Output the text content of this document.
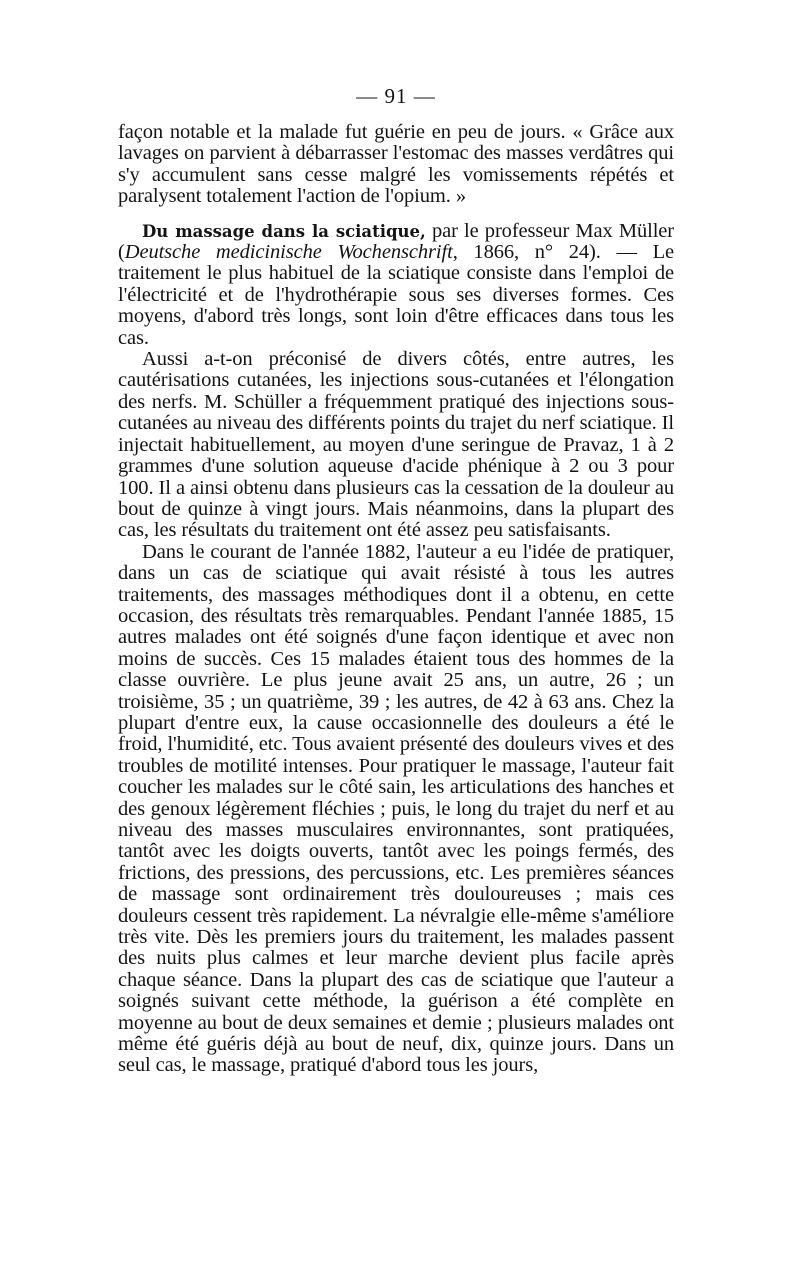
— 91 —

façon notable et la malade fut guérie en peu de jours. « Grâce aux lavages on parvient à débarrasser l'estomac des masses verdâtres qui s'y accumulent sans cesse malgré les vomissements répétés et paralysent totalement l'action de l'opium. »

Du massage dans la sciatique, par le professeur Max Müller (Deutsche medicinische Wochenschrift, 1866, n° 24). — Le traitement le plus habituel de la sciatique consiste dans l'emploi de l'électricité et de l'hydrothérapie sous ses diverses formes. Ces moyens, d'abord très longs, sont loin d'être efficaces dans tous les cas.

Aussi a-t-on préconisé de divers côtés, entre autres, les cautérisations cutanées, les injections sous-cutanées et l'élongation des nerfs. M. Schüller a fréquemment pratiqué des injections sous-cutanées au niveau des différents points du trajet du nerf sciatique. Il injectait habituellement, au moyen d'une seringue de Pravaz, 1 à 2 grammes d'une solution aqueuse d'acide phénique à 2 ou 3 pour 100. Il a ainsi obtenu dans plusieurs cas la cessation de la douleur au bout de quinze à vingt jours. Mais néanmoins, dans la plupart des cas, les résultats du traitement ont été assez peu satisfaisants.

Dans le courant de l'année 1882, l'auteur a eu l'idée de pratiquer, dans un cas de sciatique qui avait résisté à tous les autres traitements, des massages méthodiques dont il a obtenu, en cette occasion, des résultats très remarquables. Pendant l'année 1885, 15 autres malades ont été soignés d'une façon identique et avec non moins de succès. Ces 15 malades étaient tous des hommes de la classe ouvrière. Le plus jeune avait 25 ans, un autre, 26 ; un troisième, 35 ; un quatrième, 39 ; les autres, de 42 à 63 ans. Chez la plupart d'entre eux, la cause occasionnelle des douleurs a été le froid, l'humidité, etc. Tous avaient présenté des douleurs vives et des troubles de motilité intenses. Pour pratiquer le massage, l'auteur fait coucher les malades sur le côté sain, les articulations des hanches et des genoux légèrement fléchies ; puis, le long du trajet du nerf et au niveau des masses musculaires environnantes, sont pratiquées, tantôt avec les doigts ouverts, tantôt avec les poings fermés, des frictions, des pressions, des percussions, etc. Les premières séances de massage sont ordinairement très douloureuses ; mais ces douleurs cessent très rapidement. La névralgie elle-même s'améliore très vite. Dès les premiers jours du traitement, les malades passent des nuits plus calmes et leur marche devient plus facile après chaque séance. Dans la plupart des cas de sciatique que l'auteur a soignés suivant cette méthode, la guérison a été complète en moyenne au bout de deux semaines et demie ; plusieurs malades ont même été guéris déjà au bout de neuf, dix, quinze jours. Dans un seul cas, le massage, pratiqué d'abord tous les jours,
